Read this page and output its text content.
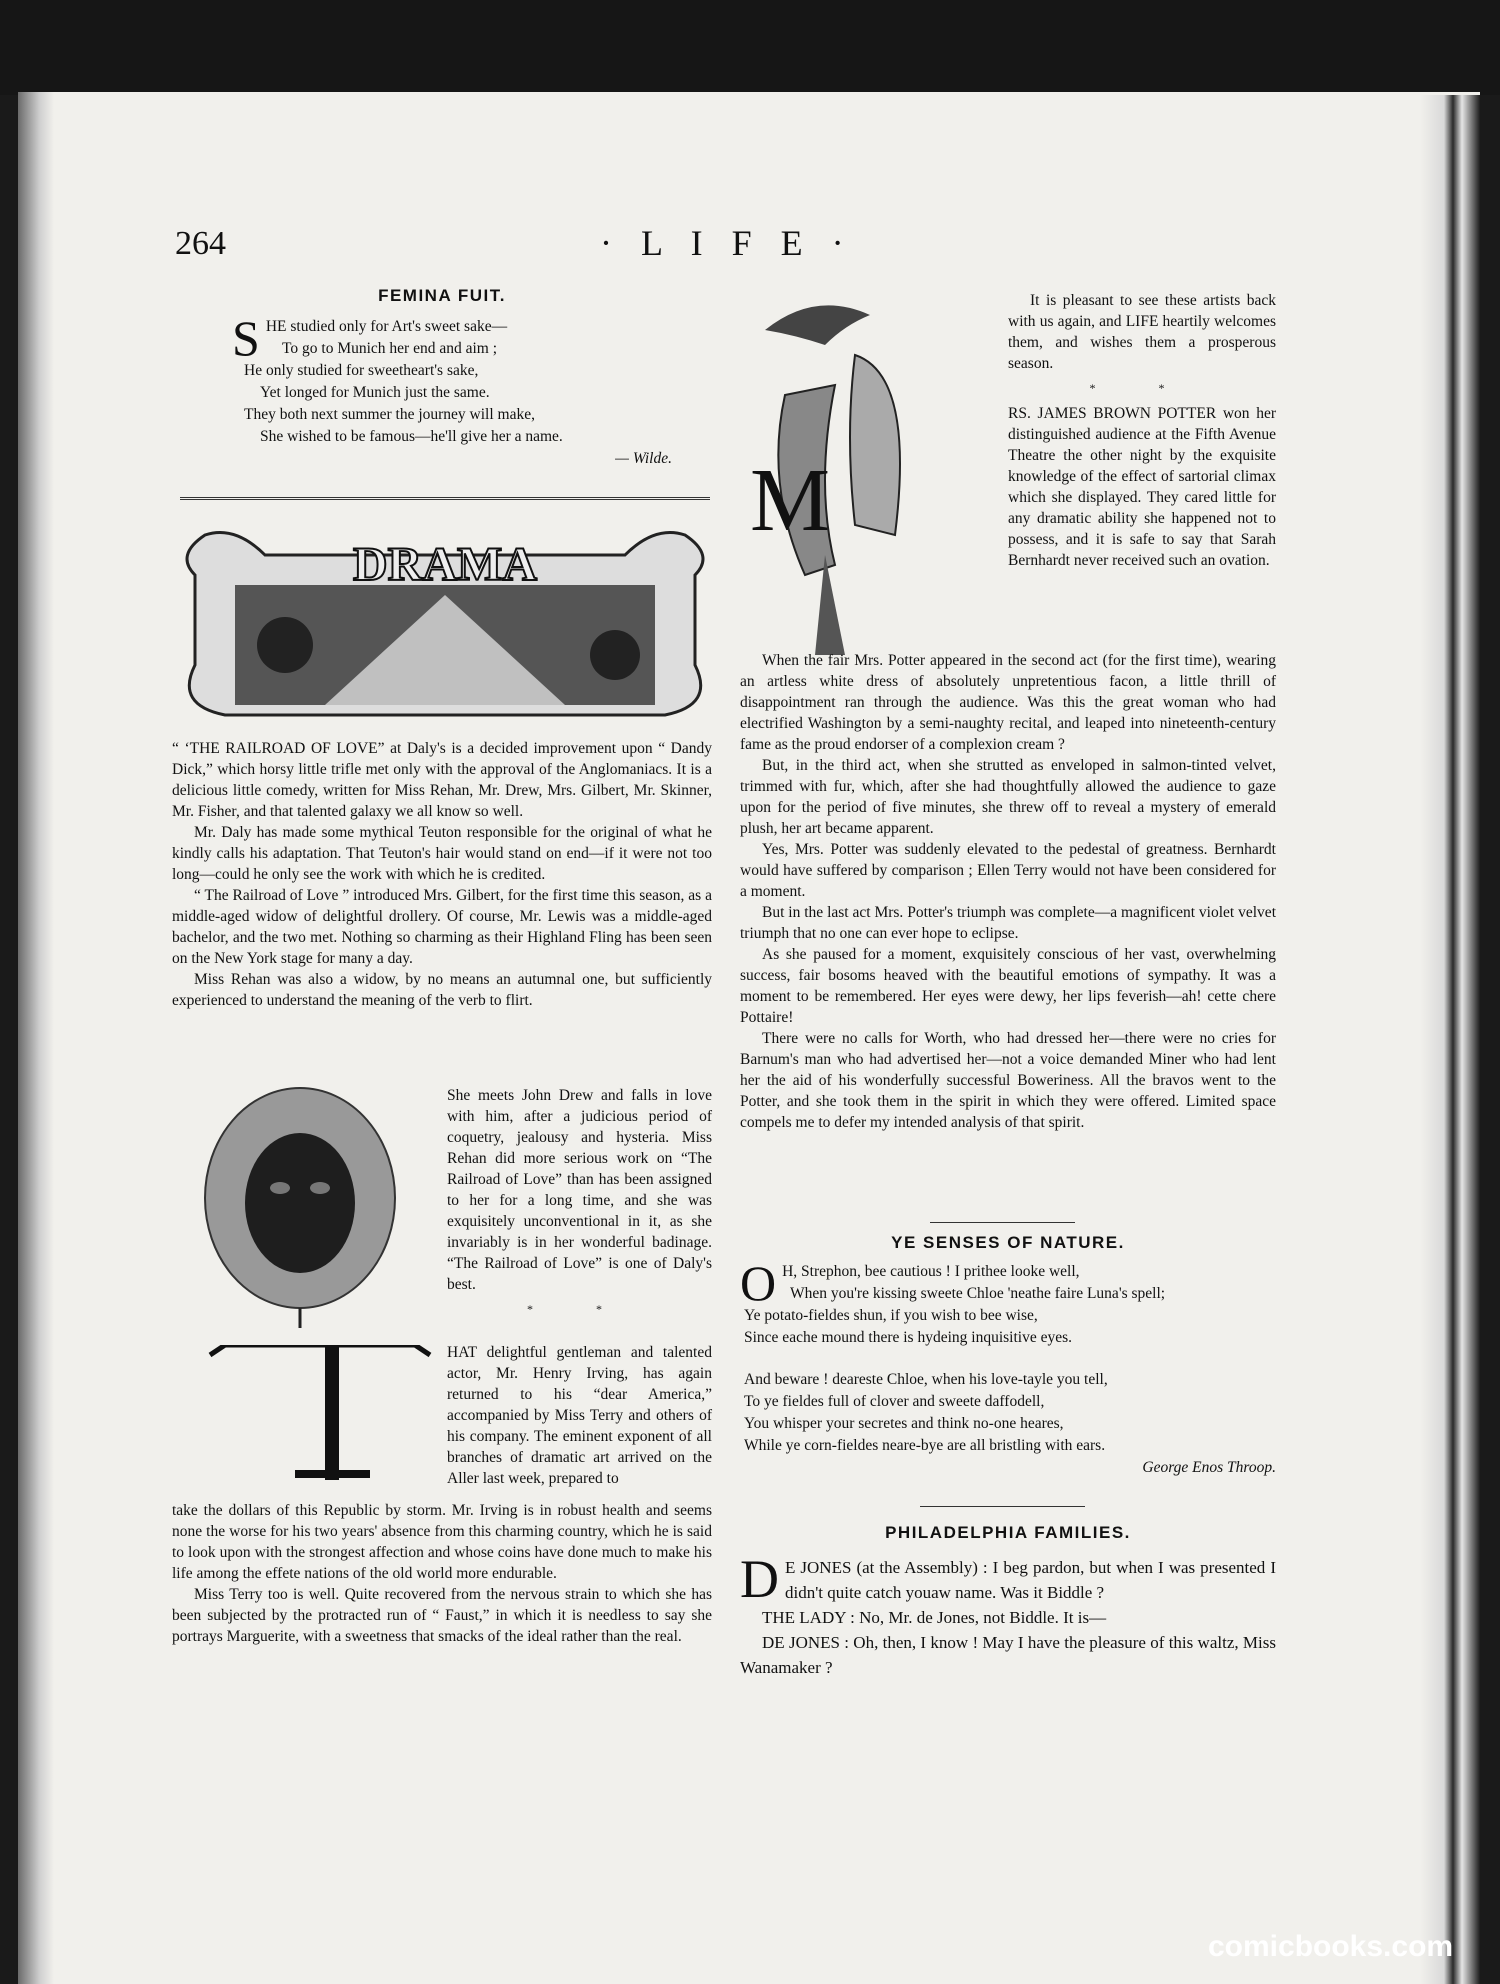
264	· L I F E ·
FEMINA FUIT.
SHE studied only for Art's sweet sake—
To go to Munich her end and aim ;
He only studied for sweetheart's sake,
Yet longed for Munich just the same.
They both next summer the journey will make,
She wished to be famous—he'll give her a name.
— Wilde.
DRAMA

“ ‘THE RAILROAD OF LOVE” at Daly's is a decided improvement upon “ Dandy Dick,” which horsy little trifle met only with the approval of the Anglomaniacs. It is a delicious little comedy, written for Miss Rehan, Mr. Drew, Mrs. Gilbert, Mr. Skinner, Mr. Fisher, and that talented galaxy we all know so well.

Mr. Daly has made some mythical Teuton responsible for the original of what he kindly calls his adaptation. That Teuton's hair would stand on end—if it were not too long—could he only see the work with which he is credited.

“ The Railroad of Love ” introduced Mrs. Gilbert, for the first time this season, as a middle-aged widow of delightful drollery. Of course, Mr. Lewis was a middle-aged bachelor, and the two met. Nothing so charming as their Highland Fling has been seen on the New York stage for many a day.

Miss Rehan was also a widow, by no means an autumnal one, but sufficiently experienced to understand the meaning of the verb to flirt.

She meets John Drew and falls in love with him, after a judicious period of coquetry, jealousy and hysteria. Miss Rehan did more serious work on “The Railroad of Love” than has been assigned to her for a long time, and she was exquisitely unconventional in it, as she invariably is in her wonderful badinage. “The Railroad of Love” is one of Daly's best.

* *

HAT delightful gentleman and talented actor, Mr. Henry Irving, has again returned to his “dear America,” accompanied by Miss Terry and others of his company. The eminent exponent of all branches of dramatic art arrived on the Aller last week, prepared to

take the dollars of this Republic by storm. Mr. Irving is in robust health and seems none the worse for his two years' absence from this charming country, which he is said to look upon with the strongest affection and whose coins have done much to make his life among the effete nations of the old world more endurable.

Miss Terry too is well. Quite recovered from the nervous strain to which she has been subjected by the protracted run of “ Faust,” in which it is needless to say she portrays Marguerite, with a sweetness that smacks of the ideal rather than the real.

M

It is pleasant to see these artists back with us again, and LIFE heartily welcomes them, and wishes them a prosperous season.

* *

RS. JAMES BROWN POTTER won her distinguished audience at the Fifth Avenue Theatre the other night by the exquisite knowledge of the effect of sartorial climax which she displayed. They cared little for any dramatic ability she happened not to possess, and it is safe to say that Sarah Bernhardt never received such an ovation.

When the fair Mrs. Potter appeared in the second act (for the first time), wearing an artless white dress of absolutely unpretentious facon, a little thrill of disappointment ran through the audience. Was this the great woman who had electrified Washington by a semi-naughty recital, and leaped into nineteenth-century fame as the proud endorser of a complexion cream ?

But, in the third act, when she strutted as enveloped in salmon-tinted velvet, trimmed with fur, which, after she had thoughtfully allowed the audience to gaze upon for the period of five minutes, she threw off to reveal a mystery of emerald plush, her art became apparent.

Yes, Mrs. Potter was suddenly elevated to the pedestal of greatness. Bernhardt would have suffered by comparison ; Ellen Terry would not have been considered for a moment.

But in the last act Mrs. Potter's triumph was complete—a magnificent violet velvet triumph that no one can ever hope to eclipse.

As she paused for a moment, exquisitely conscious of her vast, overwhelming success, fair bosoms heaved with the beautiful emotions of sympathy. It was a moment to be remembered. Her eyes were dewy, her lips feverish—ah! cette chere Pottaire!

There were no calls for Worth, who had dressed her—there were no cries for Barnum's man who had advertised her—not a voice demanded Miner who had lent her the aid of his wonderfully successful Boweriness. All the bravos went to the Potter, and she took them in the spirit in which they were offered. Limited space compels me to defer my intended analysis of that spirit.

YE SENSES OF NATURE.
O H, Strephon, bee cautious ! I prithee looke well,
When you're kissing sweete Chloe 'neathe faire Luna's spell;
Ye potato-fieldes shun, if you wish to bee wise,
Since eache mound there is hydeing inquisitive eyes.
And beware ! deareste Chloe, when his love-tayle you tell,
To ye fieldes full of clover and sweete daffodell,
You whisper your secretes and think no-one heares,
While ye corn-fieldes neare-bye are all bristling with ears.
George Enos Throop.
PHILADELPHIA FAMILIES.

D E JONES (at the Assembly) : I beg pardon, but when I was presented I didn't quite catch youaw name. Was it Biddle ?

THE LADY : No, Mr. de Jones, not Biddle. It is—

DE JONES : Oh, then, I know ! May I have the pleasure of this waltz, Miss Wanamaker ?

comicbooks.com
